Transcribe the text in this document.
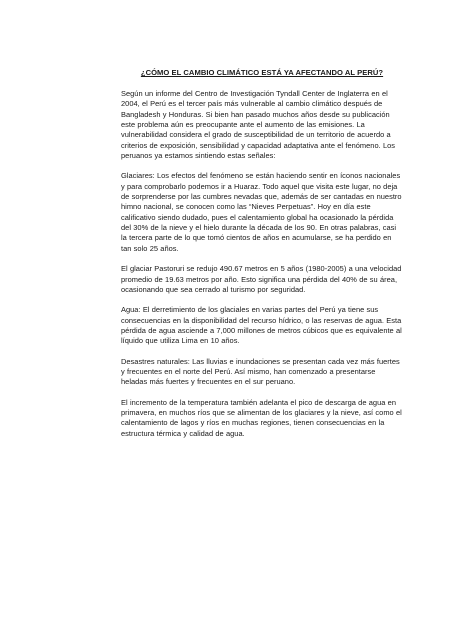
¿CÓMO EL CAMBIO CLIMÁTICO ESTÁ YA AFECTANDO AL PERÚ?

Según un informe del Centro de Investigación Tyndall Center de Inglaterra en el 2004, el Perú es el tercer país más vulnerable al cambio climático después de Bangladesh y Honduras. Si bien han pasado muchos años desde su publicación este problema aún es preocupante ante el aumento de las emisiones. La vulnerabilidad considera el grado de susceptibilidad de un territorio de acuerdo a criterios de exposición, sensibilidad y capacidad adaptativa ante el fenómeno. Los peruanos ya estamos sintiendo estas señales:

Glaciares: Los efectos del fenómeno se están haciendo sentir en íconos nacionales y para comprobarlo podemos ir a Huaraz. Todo aquel que visita este lugar, no deja de sorprenderse por las cumbres nevadas que, además de ser cantadas en nuestro himno nacional, se conocen como las “Nieves Perpetuas”. Hoy en día este calificativo siendo dudado, pues el calentamiento global ha ocasionado la pérdida del 30% de la nieve y el hielo durante la década de los 90. En otras palabras, casi la tercera parte de lo que tomó cientos de años en acumularse, se ha perdido en tan solo 25 años.

El glaciar Pastoruri se redujo 490.67 metros en 5 años (1980-2005) a una velocidad promedio de 19.63 metros por año. Esto significa una pérdida del 40% de su área, ocasionando que sea cerrado al turismo por seguridad.

Agua: El derretimiento de los glaciales en varias partes del Perú ya tiene sus consecuencias en la disponibilidad del recurso hídrico, o las reservas de agua. Esta pérdida de agua asciende a 7,000 millones de metros cúbicos que es equivalente al líquido que utiliza Lima en 10 años.

Desastres naturales: Las lluvias e inundaciones se presentan cada vez más fuertes y frecuentes en el norte del Perú. Así mismo, han comenzado a presentarse heladas más fuertes y frecuentes en el sur peruano.

El incremento de la temperatura también adelanta el pico de descarga de agua en primavera, en muchos ríos que se alimentan de los glaciares y la nieve, así como el calentamiento de lagos y ríos en muchas regiones, tienen consecuencias en la estructura térmica y calidad de agua.
